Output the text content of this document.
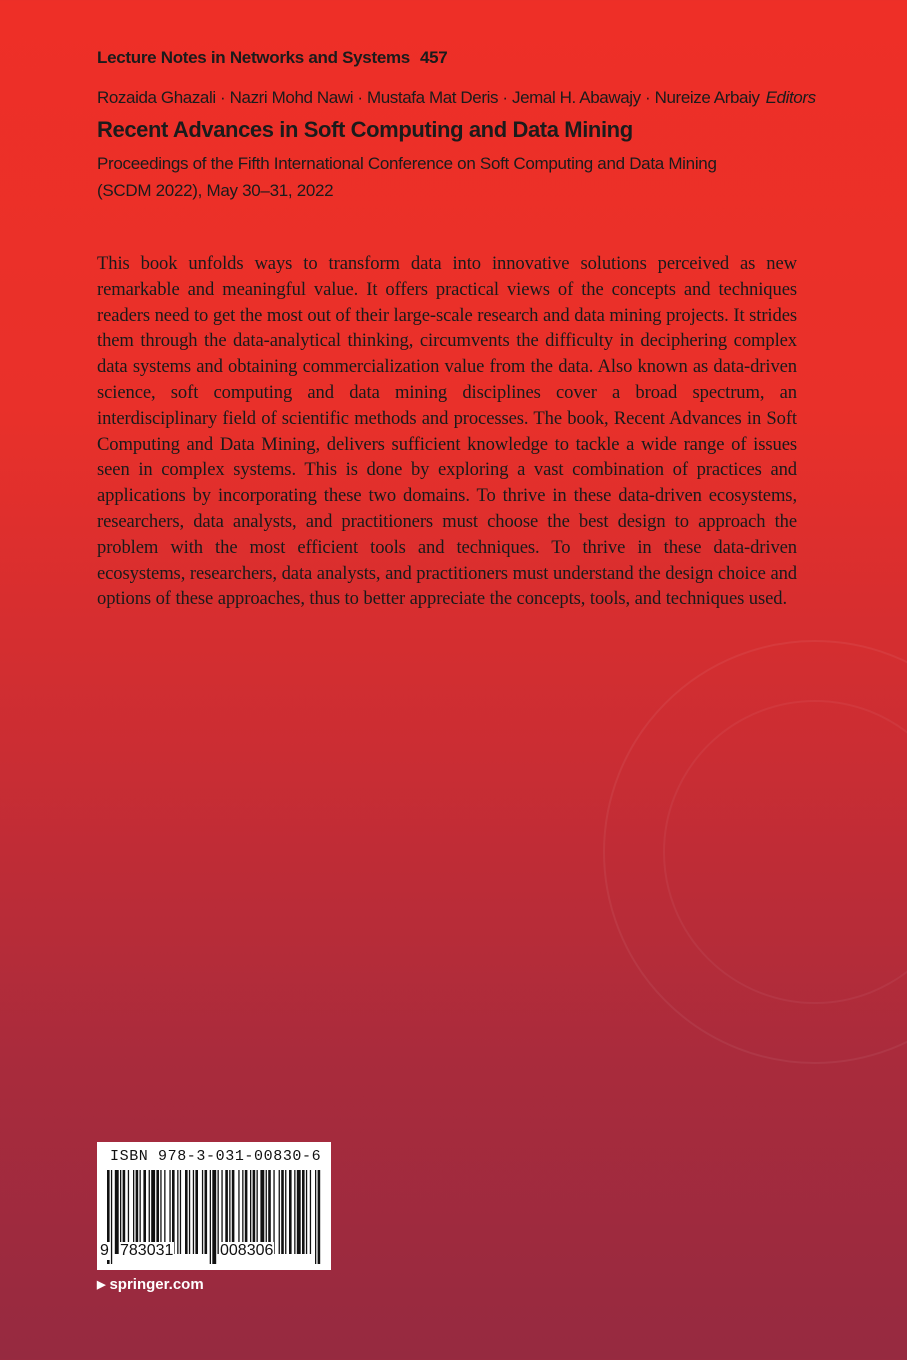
Lecture Notes in Networks and Systems 457
Rozaida Ghazali · Nazri Mohd Nawi · Mustafa Mat Deris · Jemal H. Abawajy · Nureize Arbaiy Editors
Recent Advances in Soft Computing and Data Mining
Proceedings of the Fifth International Conference on Soft Computing and Data Mining (SCDM 2022), May 30–31, 2022
This book unfolds ways to transform data into innovative solutions perceived as new remarkable and meaningful value. It offers practical views of the concepts and techniques readers need to get the most out of their large-scale research and data mining projects. It strides them through the data-analytical thinking, circumvents the difficulty in deciphering complex data systems and obtaining commercialization value from the data. Also known as data-driven science, soft computing and data mining disciplines cover a broad spectrum, an interdisciplinary field of scientific methods and processes. The book, Recent Advances in Soft Computing and Data Mining, delivers sufficient knowledge to tackle a wide range of issues seen in complex systems. This is done by exploring a vast combination of practices and applications by incorporating these two domains. To thrive in these data-driven ecosystems, researchers, data analysts, and practitioners must choose the best design to approach the problem with the most efficient tools and techniques. To thrive in these data-driven ecosystems, researchers, data analysts, and practitioners must understand the design choice and options of these approaches, thus to better appreciate the concepts, tools, and techniques used.
ISBN 978-3-031-00830-6
9 783031	008306
▶ springer.com
